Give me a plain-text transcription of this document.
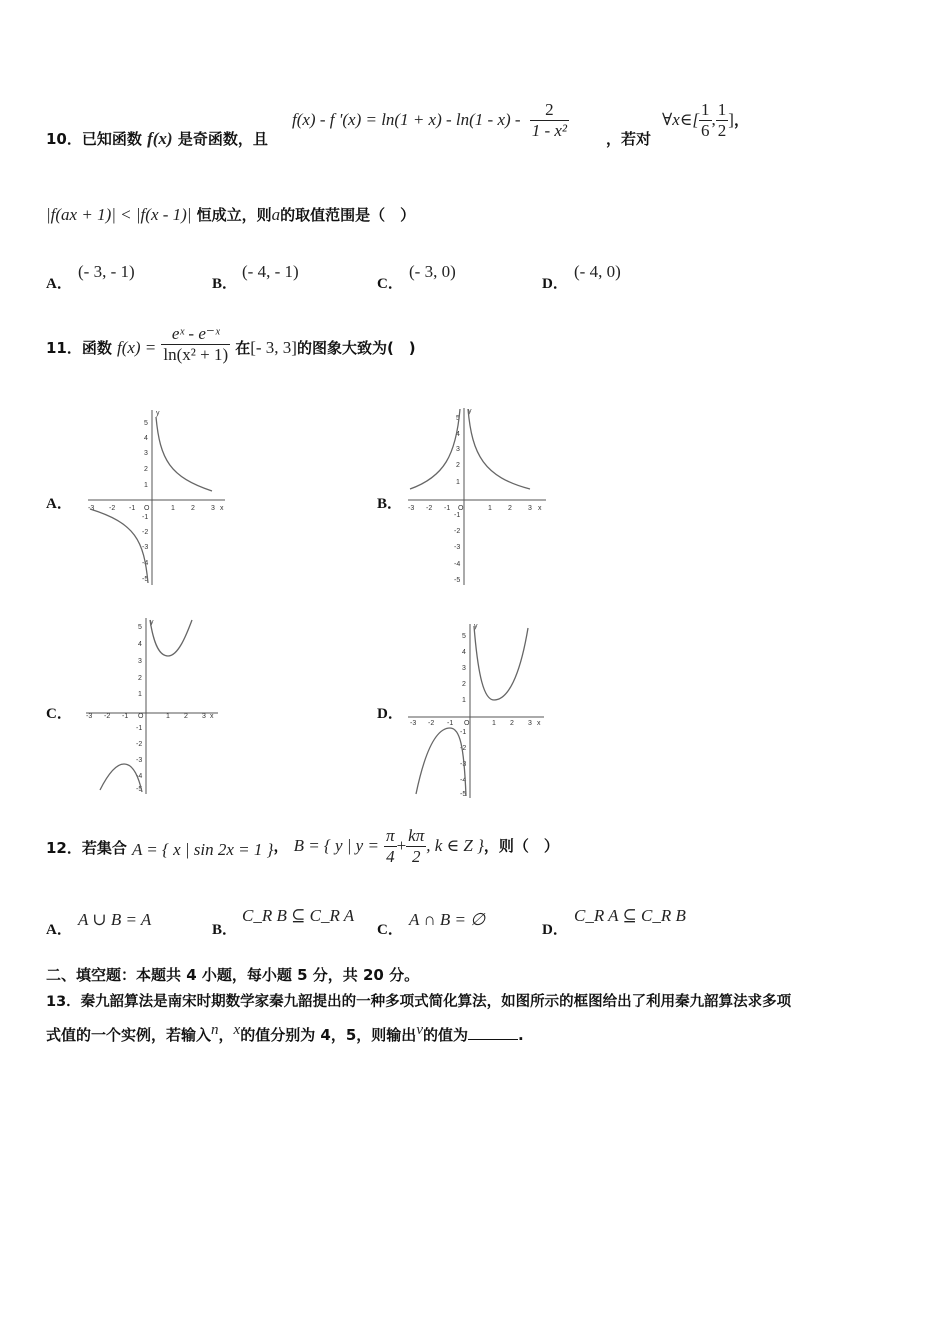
10．已知函数 f(x) 是奇函数，且
f(x) - f '$(x) = \ln(1 + x) - \ln(1 - x) - \frac{2}{\text{1 - x²}}$ ，若对
∀x∈[ $\frac{1}{6}$ , $\frac{1}{2}$ ]，
|f(ax + 1)| < |f(x - 1)| 恒成立，则a的取值范围是（　）
A．
(- 3, - 1)
B．
(- 4, - 1)
C．
(- 3, 0)
D．
(- 4, 0)
11．函数 $f(x) = \frac{\text{eˣ - e⁻ˣ}}{\text{ln(x² + 1)}}$ 在[- 3, 3]的图象大致为(　)
A．	B．
C．	D．
-3 -2 -1 O	1 2 3 x
y
5
4
3
2
1
-1
-2
-3
-4
-5
-3 -2 -1 O	1 2 3 x
y
5
4
3
2
1
-1
-2
-3
-4
-5
-3 -2 -1 O	1 2 3 x
y
5
4
3
2
1
-1
-2
-3
-4
-5
-3 -2 -1 O	1 2 3 x
y
5
4
3
2
1
-1
-2
-3
-4
-5
12．若集合 A = { x | sin 2x = 1 }， B = { y | $y = \frac{\pi}{4} + \frac{k\pi}{2}$ , k ∈ Z }，则（　）
A．
A ∪ B = A
B．
C_R B ⊆ C_R A
C．
A ∩ B = ∅
D．
C_R A ⊆ C_R B
二、填空题：本题共 4 小题，每小题 5 分，共 20 分。
13．秦九韶算法是南宋时期数学家秦九韶提出的一种多项式简化算法，如图所示的框图给出了利用秦九韶算法求多项
式值的一个实例，若输入n，x的值分别为 4，5，则输出v的值为	.
